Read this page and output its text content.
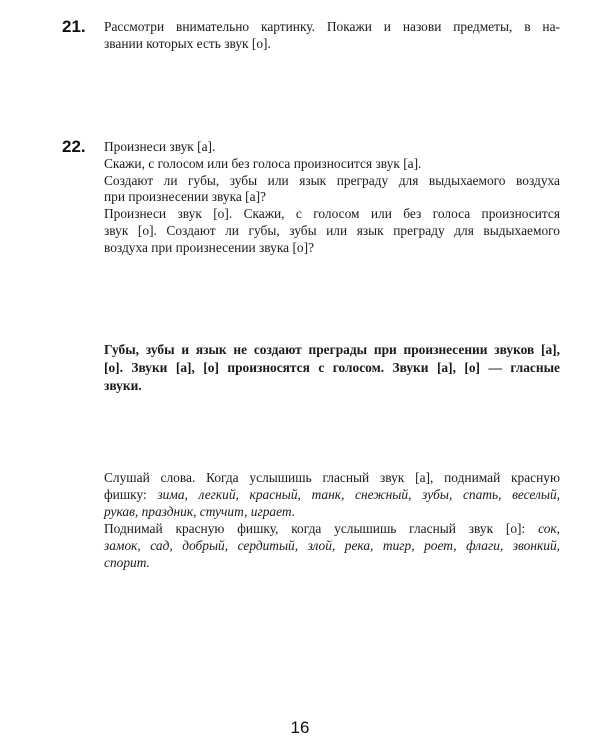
21. Рассмотри внимательно картинку. Покажи и назови предметы, в на-
звании которых есть звук [о].
22. Произнеси звук [а].
Скажи, с голосом или без голоса произносится звук [а].
Создают ли губы, зубы или язык преграду для выдыхаемого воздуха
при произнесении звука [а]?
Произнеси звук [о]. Скажи, с голосом или без голоса произносится
звук [о]. Создают ли губы, зубы или язык преграду для выдыхаемого
воздуха при произнесении звука [о]?
Губы, зубы и язык не создают преграды при произнесении звуков [а],
[о]. Звуки [а], [о] произносятся с голосом. Звуки [а], [о] — гласные
звуки.
Слушай слова. Когда услышишь гласный звук [а], поднимай красную
фишку: зима, легкий, красный, танк, снежный, зубы, спать, веселый,
рукав, праздник, стучит, играет.
Поднимай красную фишку, когда услышишь гласный звук [о]: сок,
замок, сад, добрый, сердитый, злой, река, тигр, роет, флаги, звонкий,
спорит.
16
